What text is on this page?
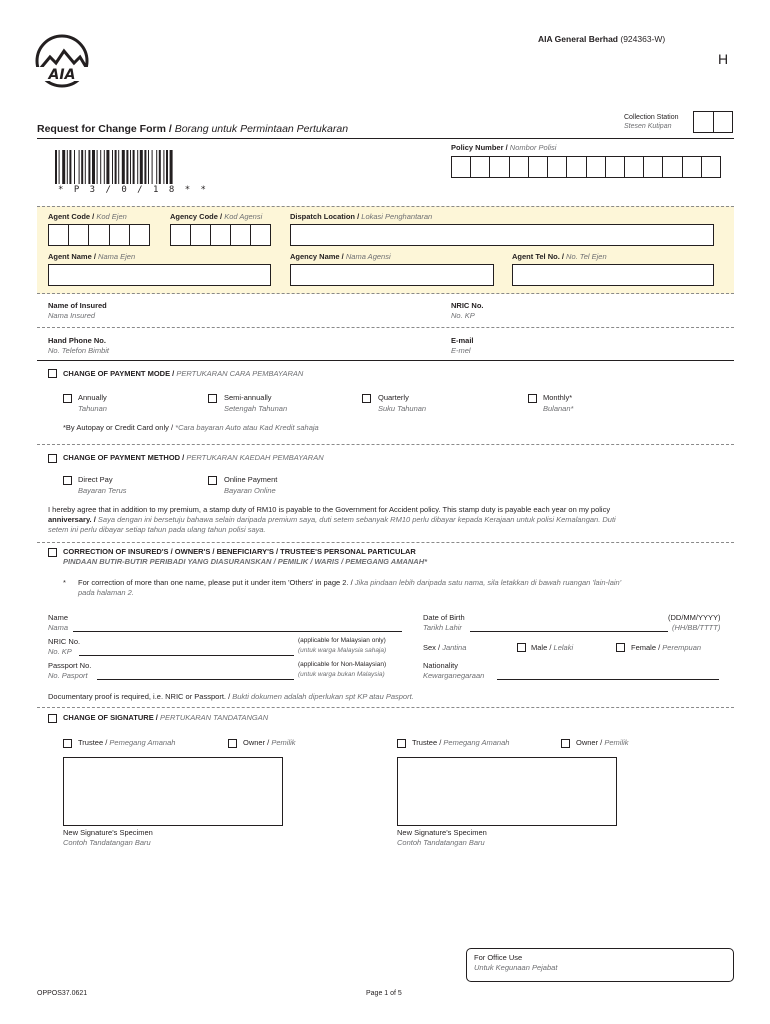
AIA
AIA General Berhad (924363-W)
H
Collection Station
Stesen Kutipan
Request for Change Form / Borang untuk Permintaan Pertukaran
* P 3 / 0 / 1 8 * *
Policy Number / Nombor Polisi
Agent Code / Kod Ejen	Agency Code / Kod Agensi	Dispatch Location / Lokasi Penghantaran
Agent Name / Nama Ejen	Agency Name / Nama Agensi	Agent Tel No. / No. Tel Ejen
Name of Insured
Nama Insured
NRIC No.
No. KP
Hand Phone No.
No. Telefon Bimbit
E-mail
E-mel
CHANGE OF PAYMENT MODE / PERTUKARAN CARA PEMBAYARAN
Annually
Tahunan
Semi-annually
Setengah Tahunan
Quarterly
Suku Tahunan
Monthly*
Bulanan*
*By Autopay or Credit Card only / *Cara bayaran Auto atau Kad Kredit sahaja
CHANGE OF PAYMENT METHOD / PERTUKARAN KAEDAH PEMBAYARAN
Direct Pay
Bayaran Terus
Online Payment
Bayaran Online
I hereby agree that in addition to my premium, a stamp duty of RM10 is payable to the Government for Accident policy. This stamp duty is payable each year on my policy
anniversary. / Saya dengan ini bersetuju bahawa selain daripada premium saya, duti setem sebanyak RM10 perlu dibayar kepada Kerajaan untuk polisi Kemalangan. Duti
setem ini perlu dibayar setiap tahun pada ulang tahun polisi saya.
CORRECTION OF INSURED'S / OWNER'S / BENEFICIARY'S / TRUSTEE'S PERSONAL PARTICULAR
PINDAAN BUTIR-BUTIR PERIBADI YANG DIASURANSKAN / PEMILIK / WARIS / PEMEGANG AMANAH*
* For correction of more than one name, please put it under item 'Others' in page 2. / Jika pindaan lebih daripada satu nama, sila letakkan di bawah ruangan 'lain-lain'
pada halaman 2.
Name
Nama
Date of Birth
Tarikh Lahir
(DD/MM/YYYY)
(HH/BB/TTTT)
NRIC No.
No. KP
(applicable for Malaysian only)
(untuk warga Malaysia sahaja)	Sex / Jantina	Male / Lelaki	Female / Perempuan
Passport No.
No. Pasport
(applicable for Non-Malaysian)
(untuk warga bukan Malaysia)
Nationality
Kewarganegaraan
Documentary proof is required, i.e. NRIC or Passport. / Bukti dokumen adalah diperlukan spt KP atau Pasport.
CHANGE OF SIGNATURE / PERTUKARAN TANDATANGAN
Trustee / Pemegang Amanah	Owner / Pemilik	Trustee / Pemegang Amanah	Owner / Pemilik
New Signature's Specimen
Contoh Tandatangan Baru
New Signature's Specimen
Contoh Tandatangan Baru
For Office Use
Untuk Kegunaan Pejabat
OPPOS37.0621	Page 1 of 5
